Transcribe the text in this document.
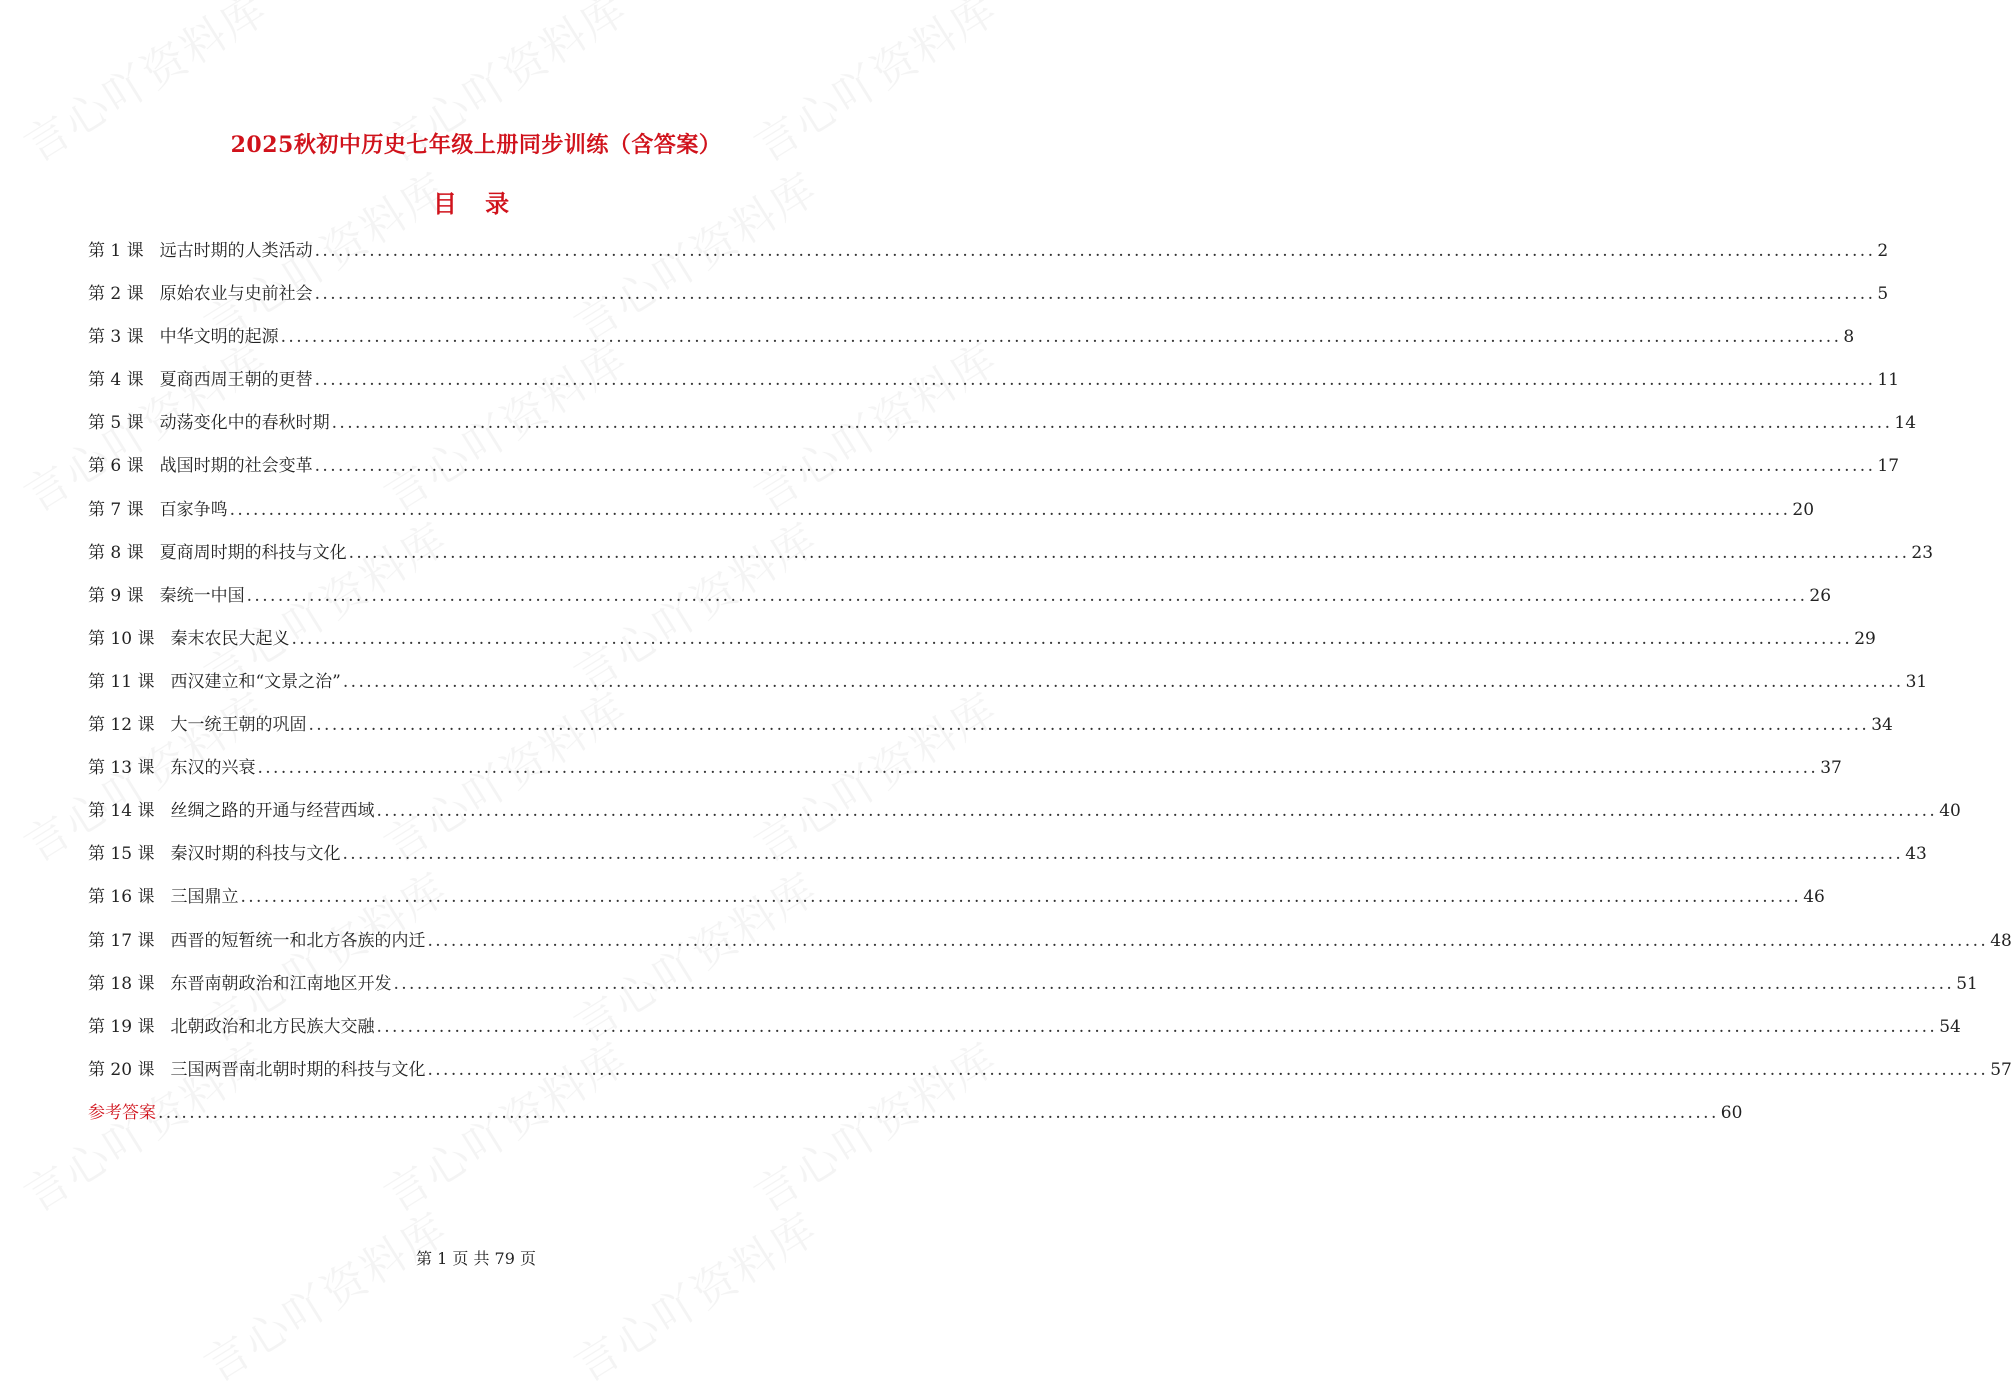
2025秋初中历史七年级上册同步训练（含答案）
目 录
第 1 课 远古时期的人类活动 ........................................................................................................................................................................................................ 2
第 2 课 原始农业与史前社会 ........................................................................................................................................................................................................ 5
第 3 课 中华文明的起源 ........................................................................................................................................................................................................ 8
第 4 课 夏商西周王朝的更替 ........................................................................................................................................................................................................ 11
第 5 课 动荡变化中的春秋时期 ........................................................................................................................................................................................................ 14
第 6 课 战国时期的社会变革 ........................................................................................................................................................................................................ 17
第 7 课 百家争鸣 ........................................................................................................................................................................................................ 20
第 8 课 夏商周时期的科技与文化 ........................................................................................................................................................................................................ 23
第 9 课 秦统一中国 ........................................................................................................................................................................................................ 26
第 10 课 秦末农民大起义 ........................................................................................................................................................................................................ 29
第 11 课 西汉建立和“文景之治” ........................................................................................................................................................................................................ 31
第 12 课 大一统王朝的巩固 ........................................................................................................................................................................................................ 34
第 13 课 东汉的兴衰 ........................................................................................................................................................................................................ 37
第 14 课 丝绸之路的开通与经营西域 ........................................................................................................................................................................................................ 40
第 15 课 秦汉时期的科技与文化 ........................................................................................................................................................................................................ 43
第 16 课 三国鼎立 ........................................................................................................................................................................................................ 46
第 17 课 西晋的短暂统一和北方各族的内迁 ........................................................................................................................................................................................................ 48
第 18 课 东晋南朝政治和江南地区开发 ........................................................................................................................................................................................................ 51
第 19 课 北朝政治和北方民族大交融 ........................................................................................................................................................................................................ 54
第 20 课 三国两晋南北朝时期的科技与文化 ........................................................................................................................................................................................................ 57
参考答案 ........................................................................................................................................................................................................ 60
第 1 页 共 79 页
